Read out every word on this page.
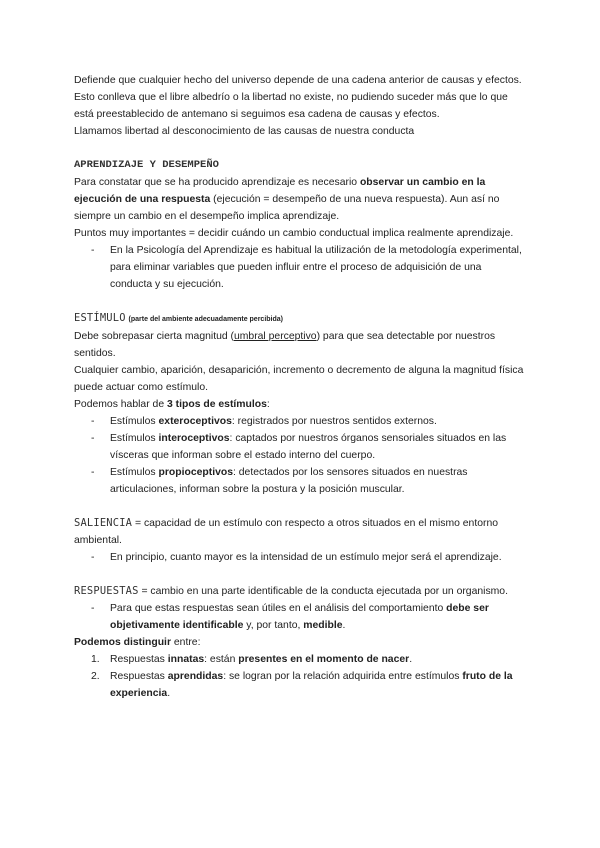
Defiende que cualquier hecho del universo depende de una cadena anterior de causas y efectos.

Esto conlleva que el libre albedrío o la libertad no existe, no pudiendo suceder más que lo que está preestablecido de antemano si seguimos esa cadena de causas y efectos.

Llamamos libertad al desconocimiento de las causas de nuestra conducta

APRENDIZAJE Y DESEMPEÑO

Para constatar que se ha producido aprendizaje es necesario observar un cambio en la ejecución de una respuesta (ejecución = desempeño de una nueva respuesta). Aun así no siempre un cambio en el desempeño implica aprendizaje.

Puntos muy importantes = decidir cuándo un cambio conductual implica realmente aprendizaje.

- En la Psicología del Aprendizaje es habitual la utilización de la metodología experimental, para eliminar variables que pueden influir entre el proceso de adquisición de una conducta y su ejecución.

ESTÍMULO (parte del ambiente adecuadamente percibida)

Debe sobrepasar cierta magnitud (umbral perceptivo) para que sea detectable por nuestros sentidos.

Cualquier cambio, aparición, desaparición, incremento o decremento de alguna la magnitud física puede actuar como estímulo.

Podemos hablar de 3 tipos de estímulos:

- Estímulos exteroceptivos: registrados por nuestros sentidos externos.
- Estímulos interoceptivos: captados por nuestros órganos sensoriales situados en las vísceras que informan sobre el estado interno del cuerpo.
- Estímulos propioceptivos: detectados por los sensores situados en nuestras articulaciones, informan sobre la postura y la posición muscular.

SALIENCIA = capacidad de un estímulo con respecto a otros situados en el mismo entorno ambiental.

- En principio, cuanto mayor es la intensidad de un estímulo mejor será el aprendizaje.

RESPUESTAS = cambio en una parte identificable de la conducta ejecutada por un organismo.

- Para que estas respuestas sean útiles en el análisis del comportamiento debe ser objetivamente identificable y, por tanto, medible.

Podemos distinguir entre:

1. Respuestas innatas: están presentes en el momento de nacer.
2. Respuestas aprendidas: se logran por la relación adquirida entre estímulos fruto de la experiencia.
